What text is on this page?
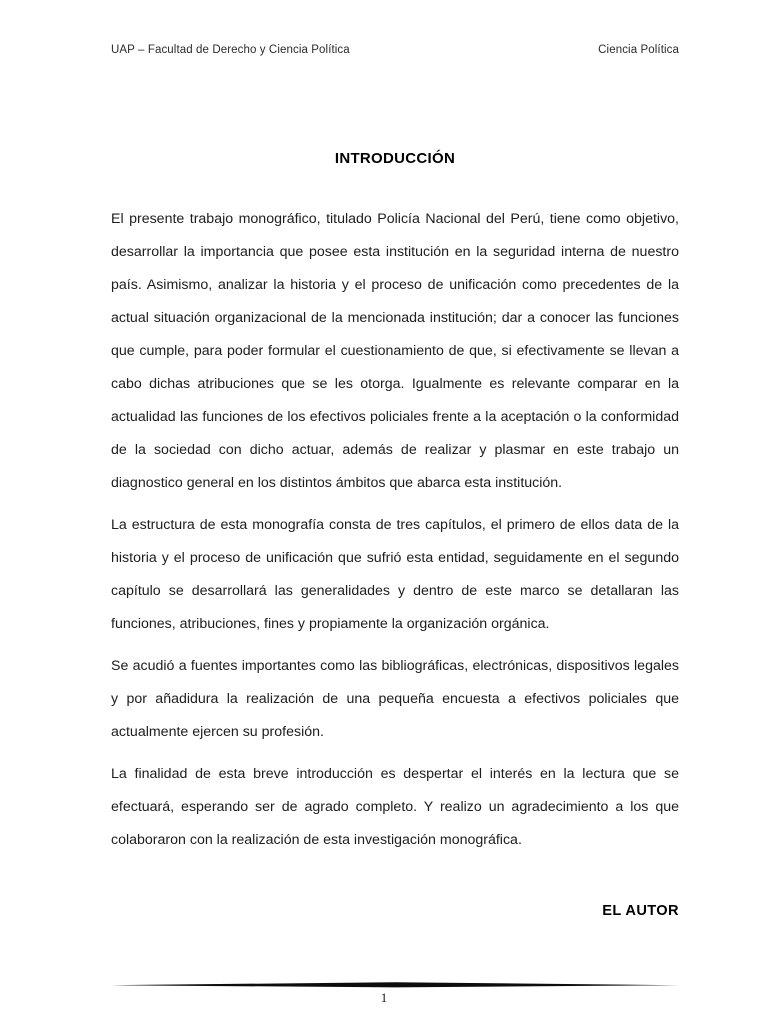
UAP – Facultad de Derecho y Ciencia Política	Ciencia Política
INTRODUCCIÓN

El presente trabajo monográfico, titulado Policía Nacional del Perú, tiene como objetivo, desarrollar la importancia que posee esta institución en la seguridad interna de nuestro país. Asimismo, analizar la historia y el proceso de unificación como precedentes de la actual situación organizacional de la mencionada institución; dar a conocer las funciones que cumple, para poder formular el cuestionamiento de que, si efectivamente se llevan a cabo dichas atribuciones que se les otorga. Igualmente es relevante comparar en la actualidad las funciones de los efectivos policiales frente a la aceptación o la conformidad de la sociedad con dicho actuar, además de realizar y plasmar en este trabajo un diagnostico general en los distintos ámbitos que abarca esta institución.

La estructura de esta monografía consta de tres capítulos, el primero de ellos data de la historia y el proceso de unificación que sufrió esta entidad, seguidamente en el segundo capítulo se desarrollará las generalidades y dentro de este marco se detallaran las funciones, atribuciones, fines y propiamente la organización orgánica.

Se acudió a fuentes importantes como las bibliográficas, electrónicas, dispositivos legales y por añadidura la realización de una pequeña encuesta a efectivos policiales que actualmente ejercen su profesión.

La finalidad de esta breve introducción es despertar el interés en la lectura que se efectuará, esperando ser de agrado completo. Y realizo un agradecimiento a los que colaboraron con la realización de esta investigación monográfica.

EL AUTOR
1
